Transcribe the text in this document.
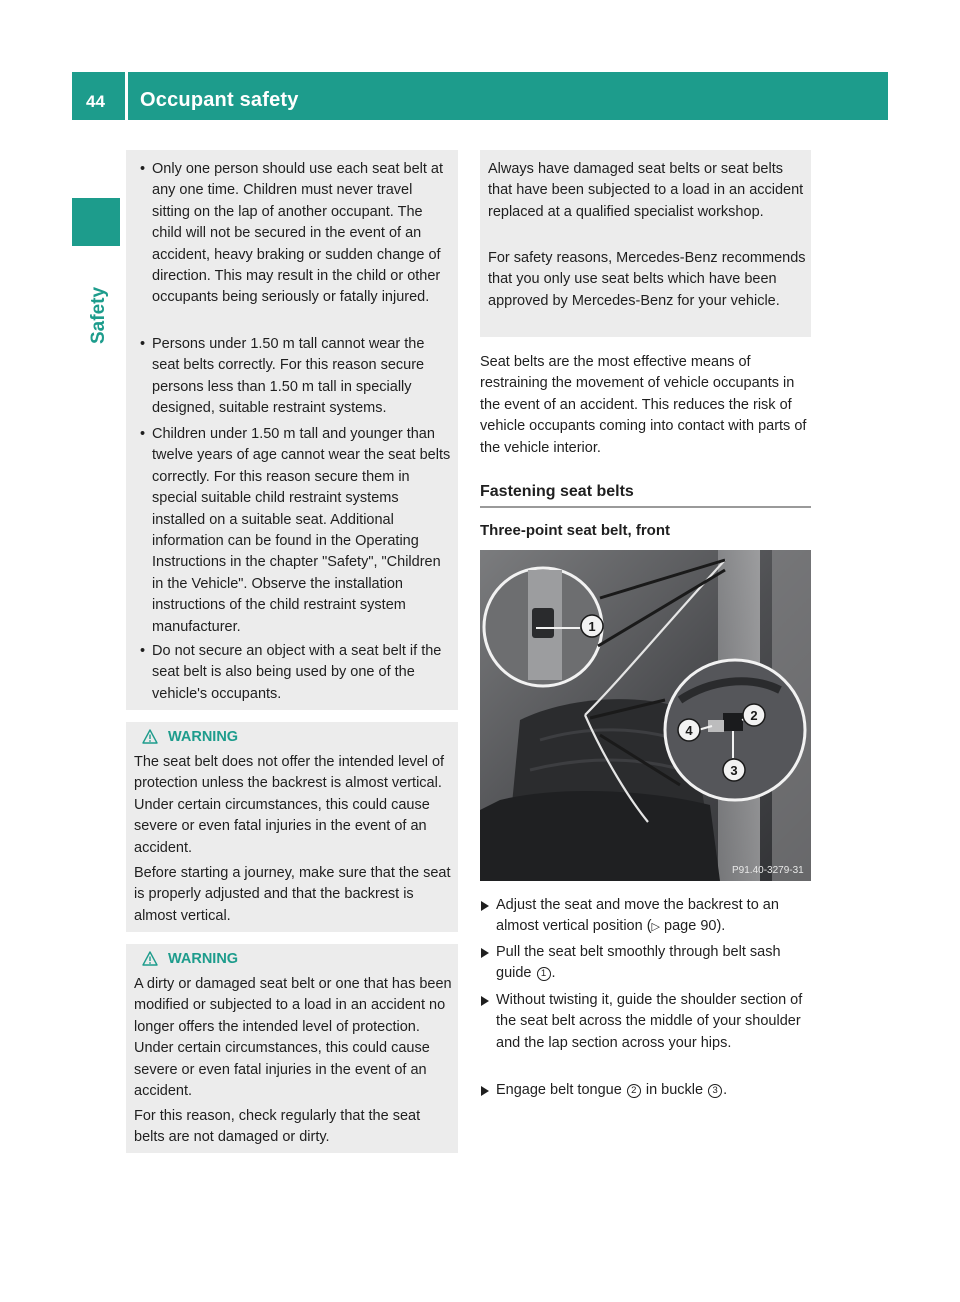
44 Occupant safety
Safety
• Only one person should use each seat belt at any one time. Children must never travel sitting on the lap of another occupant. The child will not be secured in the event of an accident, heavy braking or sudden change of direction. This may result in the child or other occupants being seriously or fatally injured.
• Persons under 1.50 m tall cannot wear the seat belts correctly. For this reason secure persons less than 1.50 m tall in specially designed, suitable restraint systems.
• Children under 1.50 m tall and younger than twelve years of age cannot wear the seat belts correctly. For this reason secure them in special suitable child restraint systems installed on a suitable seat. Additional information can be found in the Operating Instructions in the chapter "Safety", "Children in the Vehicle". Observe the installation instructions of the child restraint system manufacturer.
• Do not secure an object with a seat belt if the seat belt is also being used by one of the vehicle's occupants.
WARNING
The seat belt does not offer the intended level of protection unless the backrest is almost vertical. Under certain circumstances, this could cause severe or even fatal injuries in the event of an accident.
Before starting a journey, make sure that the seat is properly adjusted and that the backrest is almost vertical.
WARNING
A dirty or damaged seat belt or one that has been modified or subjected to a load in an accident no longer offers the intended level of protection. Under certain circumstances, this could cause severe or even fatal injuries in the event of an accident.
For this reason, check regularly that the seat belts are not damaged or dirty.
Always have damaged seat belts or seat belts that have been subjected to a load in an accident replaced at a qualified specialist workshop.
For safety reasons, Mercedes-Benz recommends that you only use seat belts which have been approved by Mercedes-Benz for your vehicle.
Seat belts are the most effective means of restraining the movement of vehicle occupants in the event of an accident. This reduces the risk of vehicle occupants coming into contact with parts of the vehicle interior.
Fastening seat belts
Three-point seat belt, front
1
2
3
4
P91.40-3279-31
Adjust the seat and move the backrest to an almost vertical position (▷ page 90).
Pull the seat belt smoothly through belt sash guide 1 .
Without twisting it, guide the shoulder section of the seat belt across the middle of your shoulder and the lap section across your hips.
Engage belt tongue 2 in buckle 3 .
